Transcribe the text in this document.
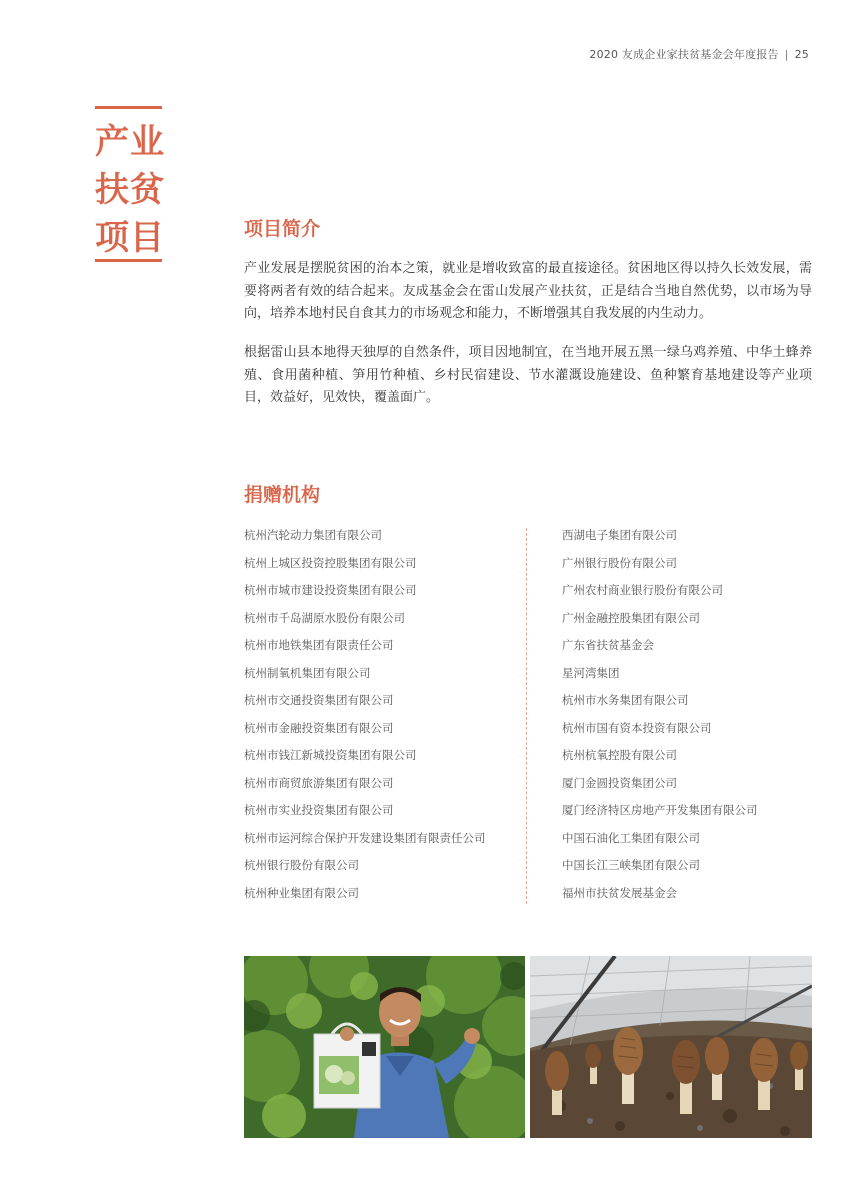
2020 友成企业家扶贫基金会年度报告 | 25
产业
扶贫
项目	项目简介

产业发展是摆脱贫困的治本之策，就业是增收致富的最直接途径。贫困地区得以持久长效发展，需要将两者有效的结合起来。友成基金会在雷山发展产业扶贫，正是结合当地自然优势，以市场为导向，培养本地村民自食其力的市场观念和能力，不断增强其自我发展的内生动力。

根据雷山县本地得天独厚的自然条件，项目因地制宜，在当地开展五黑一绿乌鸡养殖、中华土蜂养殖、食用菌种植、笋用竹种植、乡村民宿建设、节水灌溉设施建设、鱼种繁育基地建设等产业项目，效益好，见效快，覆盖面广。

捐赠机构
杭州汽轮动力集团有限公司
杭州上城区投资控股集团有限公司
杭州市城市建设投资集团有限公司
杭州市千岛湖原水股份有限公司
杭州市地铁集团有限责任公司
杭州制氧机集团有限公司
杭州市交通投资集团有限公司
杭州市金融投资集团有限公司
杭州市钱江新城投资集团有限公司
杭州市商贸旅游集团有限公司
杭州市实业投资集团有限公司
杭州市运河综合保护开发建设集团有限责任公司
杭州银行股份有限公司
杭州种业集团有限公司
西湖电子集团有限公司
广州银行股份有限公司
广州农村商业银行股份有限公司
广州金融控股集团有限公司
广东省扶贫基金会
星河湾集团
杭州市水务集团有限公司
杭州市国有资本投资有限公司
杭州杭氧控股有限公司
厦门金圆投资集团公司
厦门经济特区房地产开发集团有限公司
中国石油化工集团有限公司
中国长江三峡集团有限公司
福州市扶贫发展基金会
